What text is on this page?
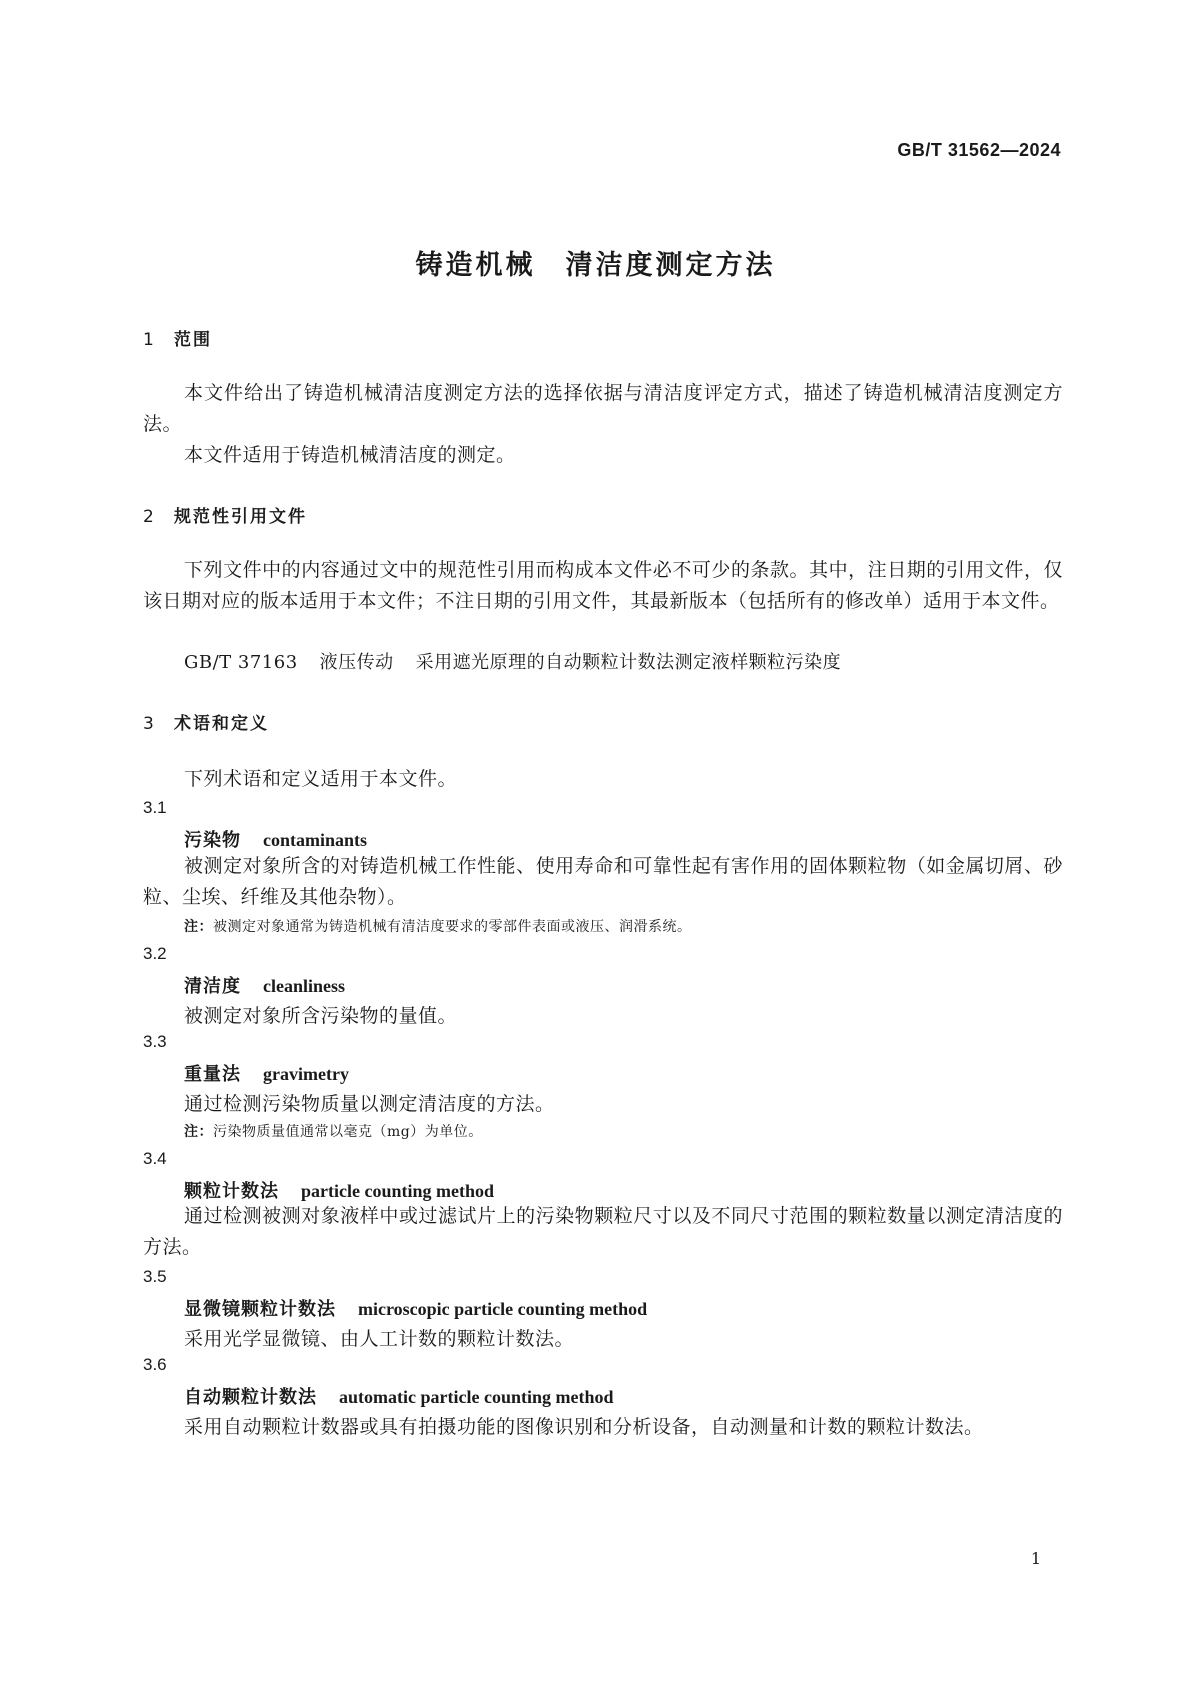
GB/T 31562—2024
铸造机械　清洁度测定方法
1 范围
本文件给出了铸造机械清洁度测定方法的选择依据与清洁度评定方式，描述了铸造机械清洁度测定方法。
本文件适用于铸造机械清洁度的测定。
2 规范性引用文件
下列文件中的内容通过文中的规范性引用而构成本文件必不可少的条款。其中，注日期的引用文件，仅该日期对应的版本适用于本文件；不注日期的引用文件，其最新版本（包括所有的修改单）适用于本文件。
GB/T 37163 液压传动 采用遮光原理的自动颗粒计数法测定液样颗粒污染度
3 术语和定义
下列术语和定义适用于本文件。
3.1
污染物 contaminants
被测定对象所含的对铸造机械工作性能、使用寿命和可靠性起有害作用的固体颗粒物（如金属切屑、砂粒、尘埃、纤维及其他杂物）。
注：被测定对象通常为铸造机械有清洁度要求的零部件表面或液压、润滑系统。
3.2
清洁度 cleanliness
被测定对象所含污染物的量值。
3.3
重量法 gravimetry
通过检测污染物质量以测定清洁度的方法。
注：污染物质量值通常以毫克（mg）为单位。
3.4
颗粒计数法 particle counting method
通过检测被测对象液样中或过滤试片上的污染物颗粒尺寸以及不同尺寸范围的颗粒数量以测定清洁度的方法。
3.5
显微镜颗粒计数法 microscopic particle counting method
采用光学显微镜、由人工计数的颗粒计数法。
3.6
自动颗粒计数法 automatic particle counting method
采用自动颗粒计数器或具有拍摄功能的图像识别和分析设备，自动测量和计数的颗粒计数法。
1
